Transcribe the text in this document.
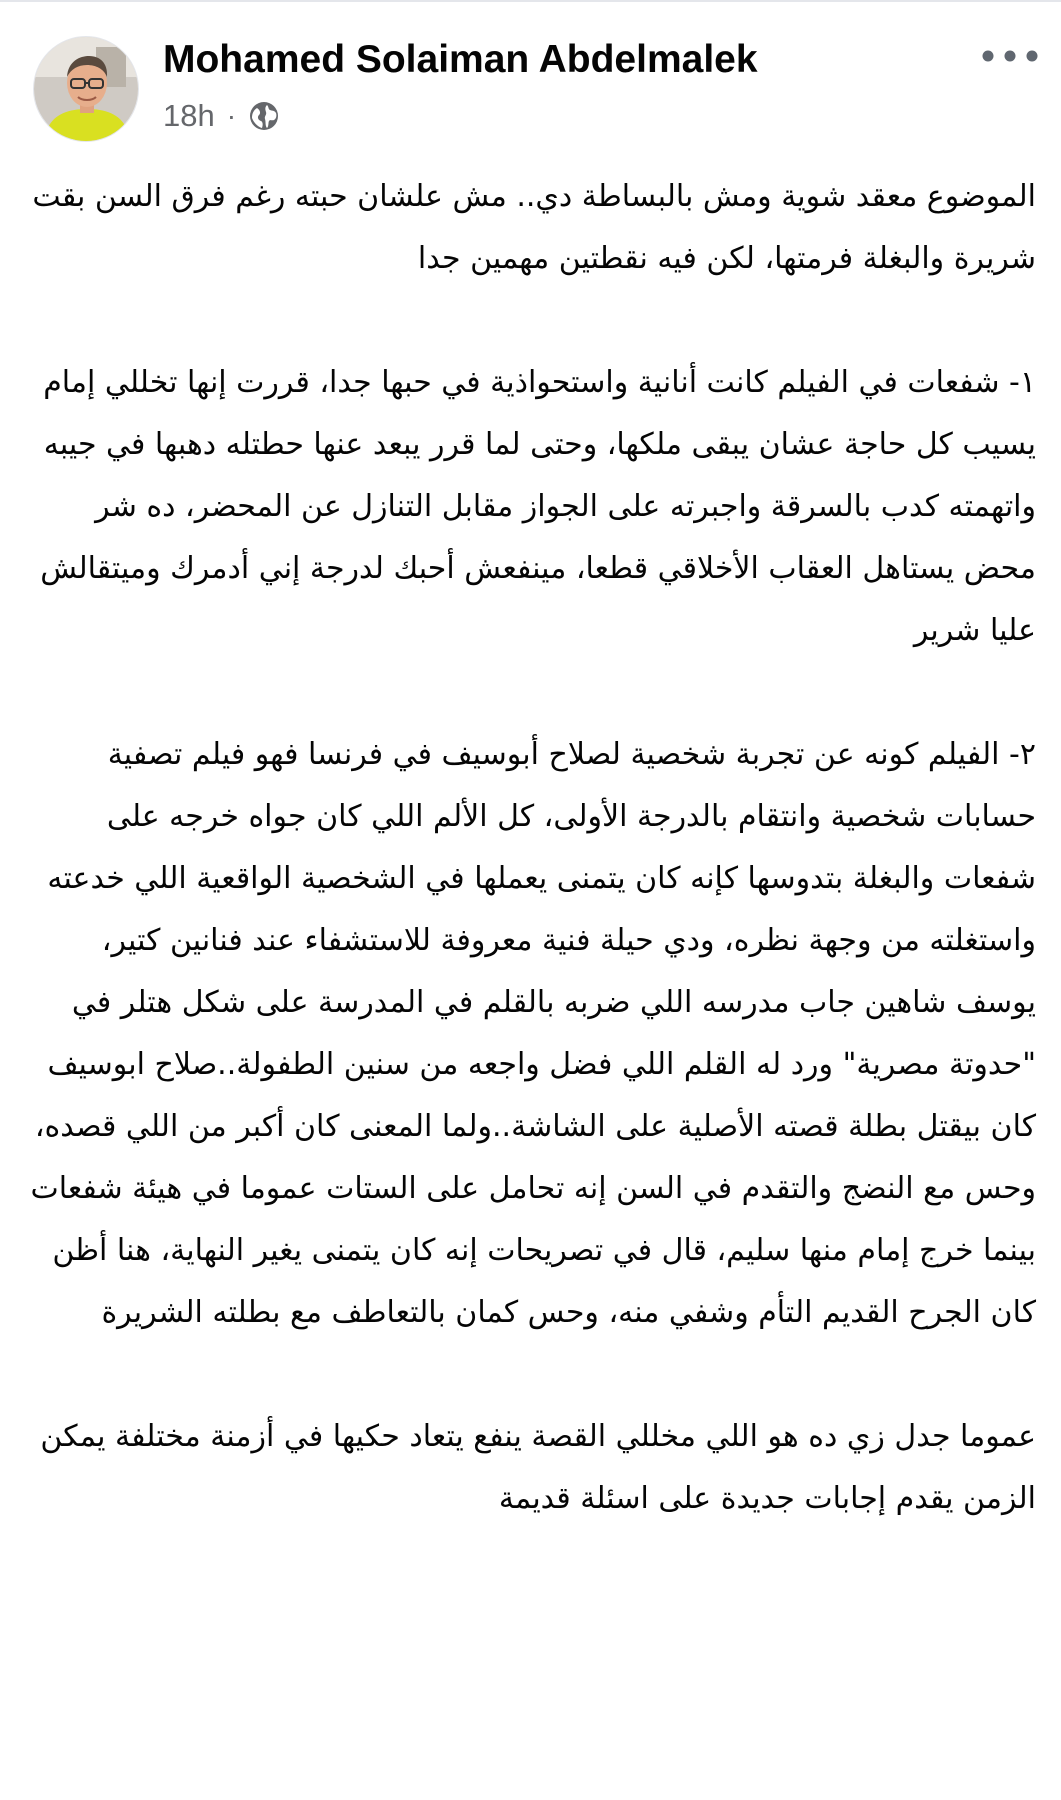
Mohamed Solaiman Abdelmalek
18h ·

الموضوع معقد شوية ومش بالبساطة دي.. مش علشان حبته رغم فرق السن بقت شريرة والبغلة فرمتها، لكن فيه نقطتين مهمين جدا

١- شفعات في الفيلم كانت أنانية واستحواذية في حبها جدا، قررت إنها تخللي إمام يسيب كل حاجة عشان يبقى ملكها، وحتى لما قرر يبعد عنها حطتله دهبها في جيبه واتهمته كدب بالسرقة واجبرته على الجواز مقابل التنازل عن المحضر، ده شر محض يستاهل العقاب الأخلاقي قطعا، مينفعش أحبك لدرجة إني أدمرك وميتقالش عليا شرير

٢- الفيلم كونه عن تجربة شخصية لصلاح أبوسيف في فرنسا فهو فيلم تصفية حسابات شخصية وانتقام بالدرجة الأولى، كل الألم اللي كان جواه خرجه على شفعات والبغلة بتدوسها كإنه كان يتمنى يعملها في الشخصية الواقعية اللي خدعته واستغلته من وجهة نظره، ودي حيلة فنية معروفة للاستشفاء عند فنانين كتير، يوسف شاهين جاب مدرسه اللي ضربه بالقلم في المدرسة على شكل هتلر في "حدوتة مصرية" ورد له القلم اللي فضل واجعه من سنين الطفولة..صلاح ابوسيف كان بيقتل بطلة قصته الأصلية على الشاشة..ولما المعنى كان أكبر من اللي قصده، وحس مع النضج والتقدم في السن إنه تحامل على الستات عموما في هيئة شفعات بينما خرج إمام منها سليم، قال في تصريحات إنه كان يتمنى يغير النهاية، هنا أظن كان الجرح القديم التأم وشفي منه، وحس كمان بالتعاطف مع بطلته الشريرة

عموما جدل زي ده هو اللي مخللي القصة ينفع يتعاد حكيها في أزمنة مختلفة يمكن الزمن يقدم إجابات جديدة على اسئلة قديمة
